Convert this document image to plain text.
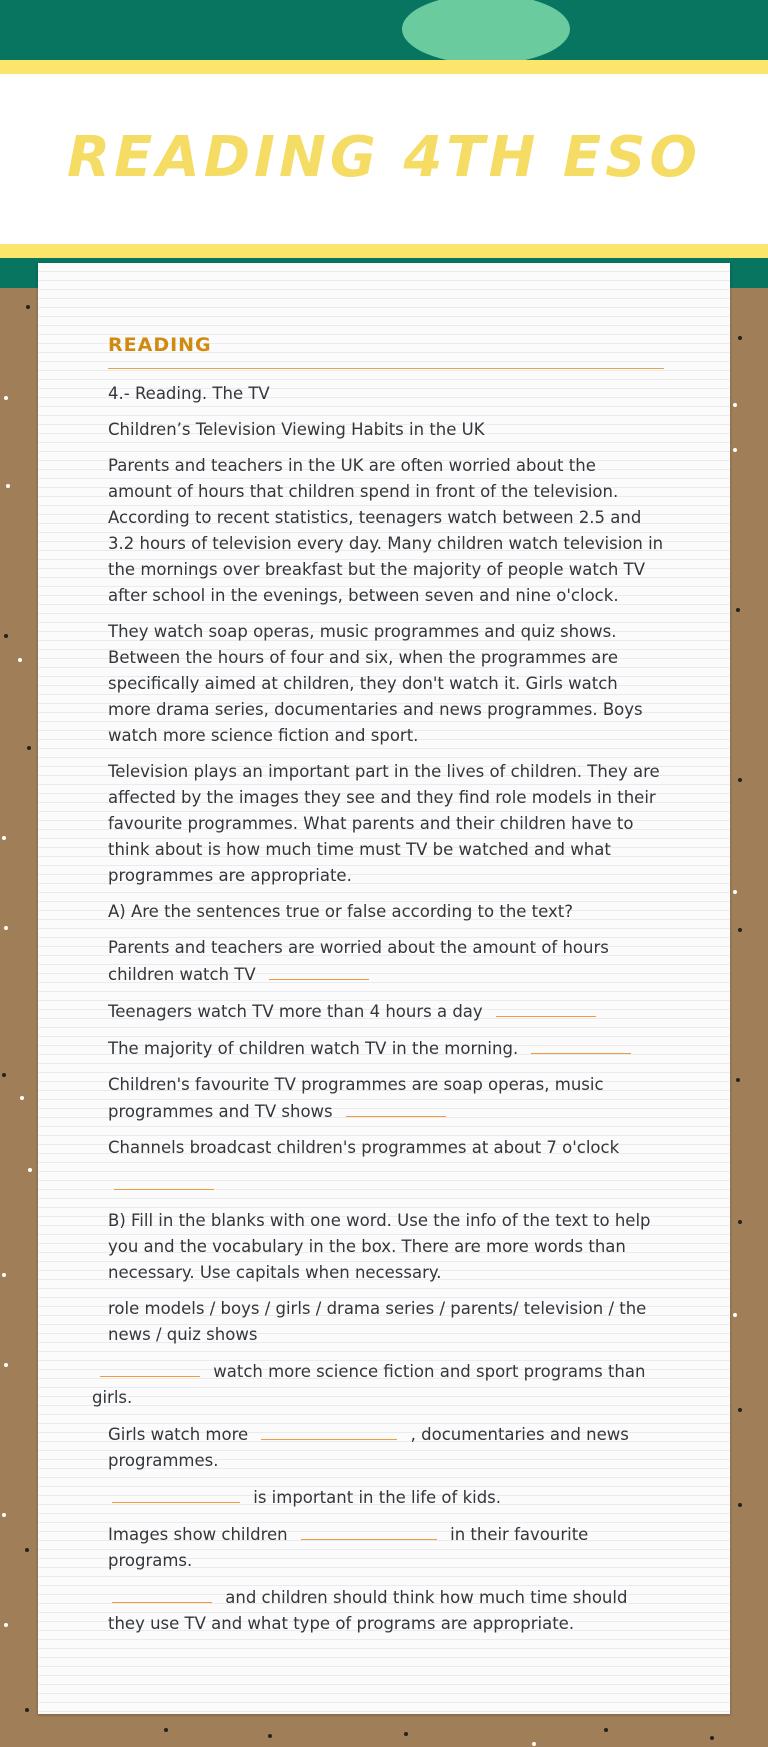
READING 4TH ESO
READING

4.- Reading. The TV

Children’s Television Viewing Habits in the UK

Parents and teachers in the UK are often worried about the amount of hours that children spend in front of the television. According to recent statistics, teenagers watch between 2.5 and 3.2 hours of television every day. Many children watch television in the mornings over breakfast but the majority of people watch TV after school in the evenings, between seven and nine o'clock.

They watch soap operas, music programmes and quiz shows. Between the hours of four and six, when the programmes are specifically aimed at children, they don't watch it. Girls watch more drama series, documentaries and news programmes. Boys watch more science fiction and sport.

Television plays an important part in the lives of children. They are affected by the images they see and they find role models in their favourite programmes. What parents and their children have to think about is how much time must TV be watched and what programmes are appropriate.

A) Are the sentences true or false according to the text?

Parents and teachers are worried about the amount of hours children watch TV

Teenagers watch TV more than 4 hours a day

The majority of children watch TV in the morning.

Children's favourite TV programmes are soap operas, music programmes and TV shows

Channels broadcast children's programmes at about 7 o'clock

B) Fill in the blanks with one word. Use the info of the text to help you and the vocabulary in the box. There are more words than necessary. Use capitals when necessary.

role models / boys / girls / drama series / parents/ television / the news / quiz shows

watch more science fiction and sport programs than girls.

Girls watch more	, documentaries and news programmes.

is important in the life of kids.

Images show children	in their favourite programs.

and children should think how much time should they use TV and what type of programs are appropriate.
